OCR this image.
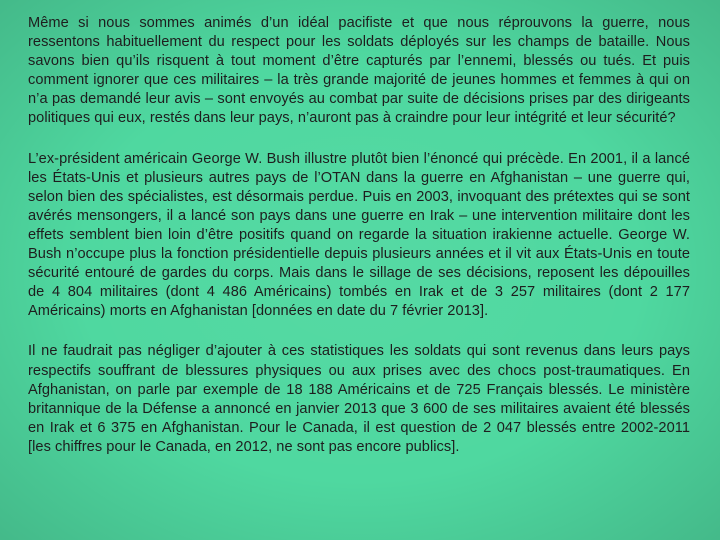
Même si nous sommes animés d’un idéal pacifiste et que nous réprouvons la guerre, nous ressentons habituellement du respect pour les soldats déployés sur les champs de bataille. Nous savons bien qu’ils risquent à tout moment d’être capturés par l’ennemi, blessés ou tués. Et puis comment ignorer que ces militaires – la très grande majorité de jeunes hommes et femmes à qui on n’a pas demandé leur avis – sont envoyés au combat par suite de décisions prises par des dirigeants politiques qui eux, restés dans leur pays, n’auront pas à craindre pour leur intégrité et leur sécurité?

L’ex-président américain George W. Bush illustre plutôt bien l’énoncé qui précède. En 2001, il a lancé les États-Unis et plusieurs autres pays de l’OTAN dans la guerre en Afghanistan – une guerre qui, selon bien des spécialistes, est désormais perdue. Puis en 2003, invoquant des prétextes qui se sont avérés mensongers, il a lancé son pays dans une guerre en Irak – une intervention militaire dont les effets semblent bien loin d’être positifs quand on regarde la situation irakienne actuelle. George W. Bush n’occupe plus la fonction présidentielle depuis plusieurs années et il vit aux États-Unis en toute sécurité entouré de gardes du corps. Mais dans le sillage de ses décisions, reposent les dépouilles de 4 804 militaires (dont 4 486 Américains) tombés en Irak et de 3 257 militaires (dont 2 177 Américains) morts en Afghanistan [données en date du 7 février 2013].

Il ne faudrait pas négliger d’ajouter à ces statistiques les soldats qui sont revenus dans leurs pays respectifs souffrant de blessures physiques ou aux prises avec des chocs post-traumatiques. En Afghanistan, on parle par exemple de 18 188 Américains et de 725 Français blessés. Le ministère britannique de la Défense a annoncé en janvier 2013 que 3 600 de ses militaires avaient été blessés en Irak et 6 375 en Afghanistan. Pour le Canada, il est question de 2 047 blessés entre 2002-2011 [les chiffres pour le Canada, en 2012, ne sont pas encore publics].
